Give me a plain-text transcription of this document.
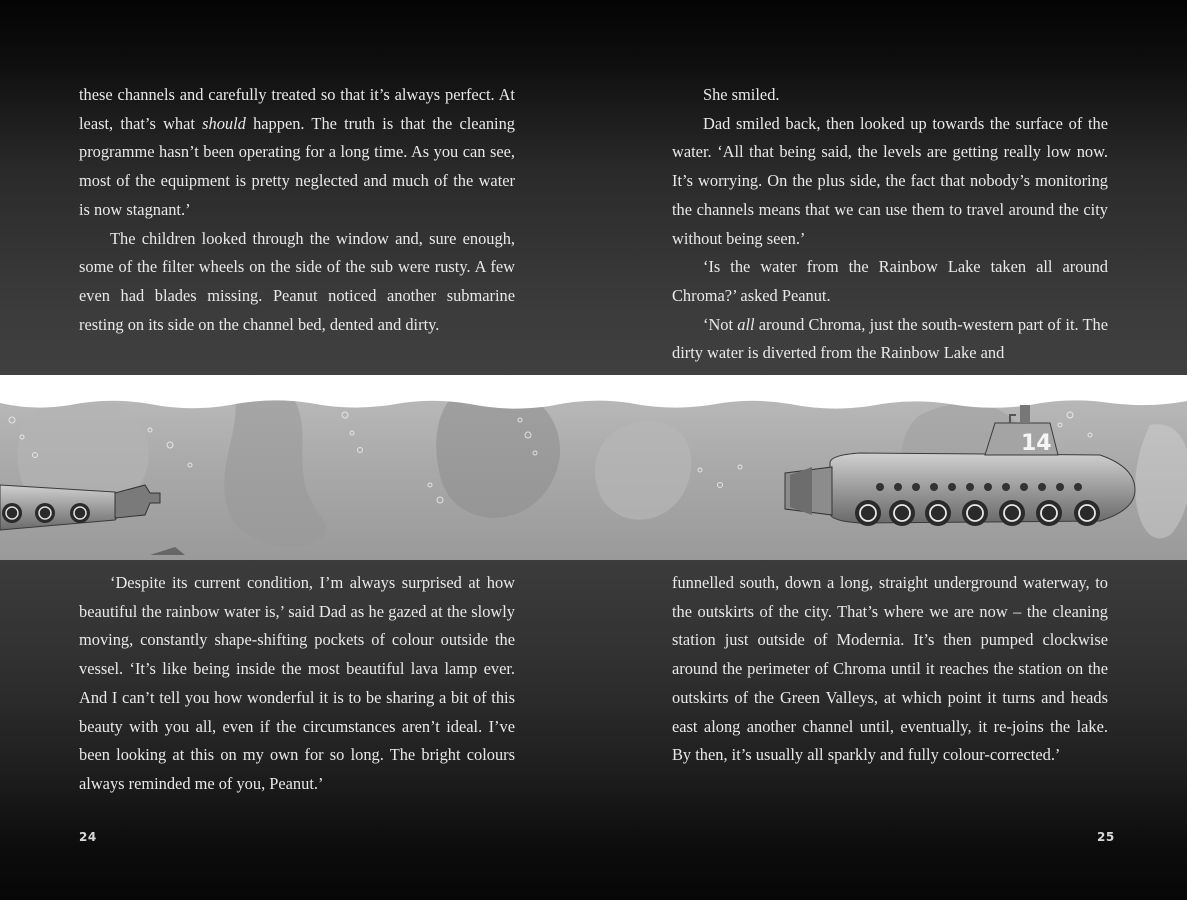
these channels and carefully treated so that it’s always perfect. At least, that’s what should happen. The truth is that the cleaning programme hasn’t been operating for a long time. As you can see, most of the equipment is pretty neglected and much of the water is now stagnant.’

The children looked through the window and, sure enough, some of the filter wheels on the side of the sub were rusty. A few even had blades missing. Peanut noticed another submarine resting on its side on the channel bed, dented and dirty.

She smiled.

Dad smiled back, then looked up towards the surface of the water. ‘All that being said, the levels are getting really low now. It’s worrying. On the plus side, the fact that nobody’s monitoring the channels means that we can use them to travel around the city without being seen.’

‘Is the water from the Rainbow Lake taken all around Chroma?’ asked Peanut.

‘Not all around Chroma, just the south-western part of it. The dirty water is diverted from the Rainbow Lake and

14

‘Despite its current condition, I’m always surprised at how beautiful the rainbow water is,’ said Dad as he gazed at the slowly moving, constantly shape-shifting pockets of colour outside the vessel. ‘It’s like being inside the most beautiful lava lamp ever. And I can’t tell you how wonderful it is to be sharing a bit of this beauty with you all, even if the circumstances aren’t ideal. I’ve been looking at this on my own for so long. The bright colours always reminded me of you, Peanut.’

funnelled south, down a long, straight underground waterway, to the outskirts of the city. That’s where we are now – the cleaning station just outside of Modernia. It’s then pumped clockwise around the perimeter of Chroma until it reaches the station on the outskirts of the Green Valleys, at which point it turns and heads east along another channel until, eventually, it re-joins the lake. By then, it’s usually all sparkly and fully colour-corrected.’

24	25
